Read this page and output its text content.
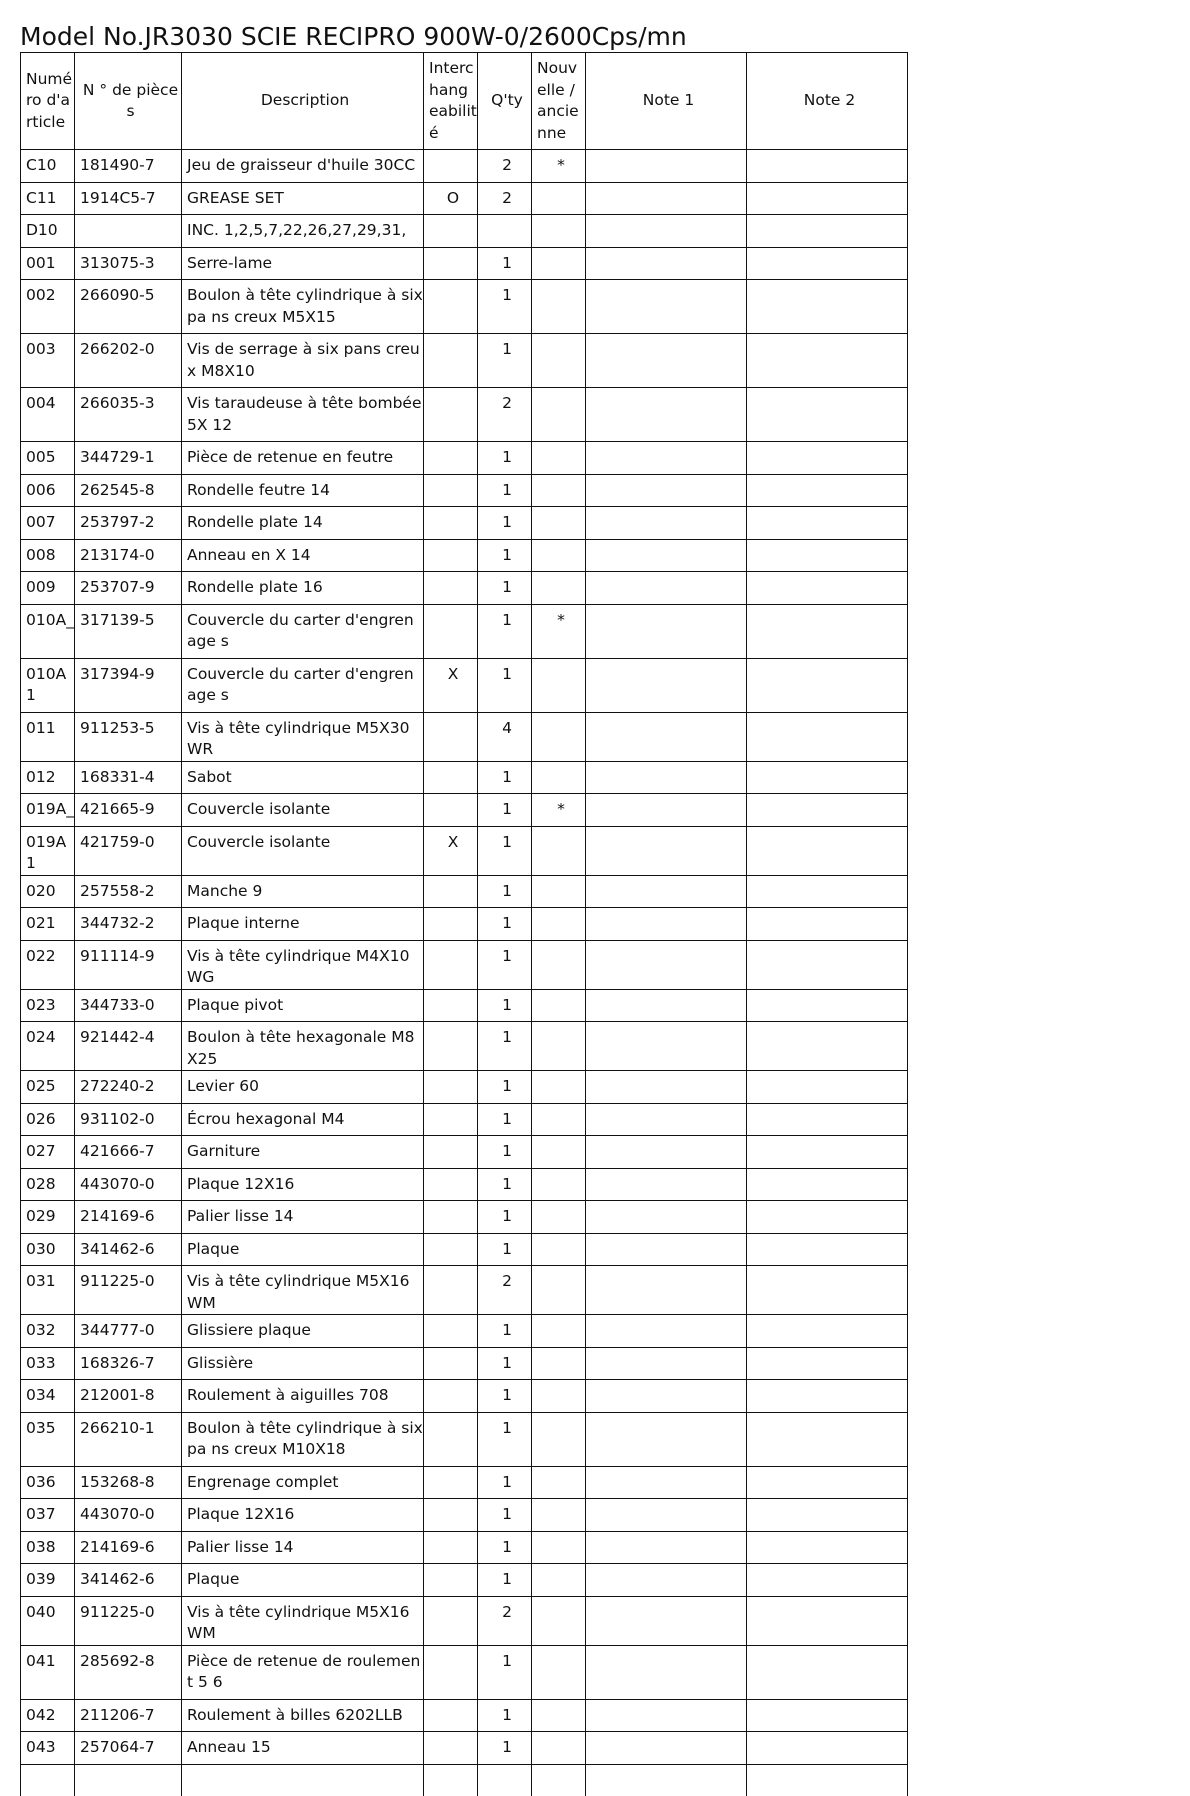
Model No.JR3030 SCIE RECIPRO 900W-0/2600Cps/mn
Numé ro d'a rticle	N ° de pièces	Description	Interc hang eabilit é	Q'ty	Nouv elle / ancie nne	Note 1	Note 2
C10	181490-7	Jeu de graisseur d'huile 30CC		2	*		
C11	1914C5-7	GREASE SET	O	2			
D10		INC. 1,2,5,7,22,26,27,29,31,					
001	313075-3	Serre-lame		1			
002	266090-5	Boulon à tête cylindrique à six pa ns creux M5X15		1			
003	266202-0	Vis de serrage à six pans creux M8X10		1			
004	266035-3	Vis taraudeuse à tête bombée 5X 12		2			
005	344729-1	Pièce de retenue en feutre		1			
006	262545-8	Rondelle feutre 14		1			
007	253797-2	Rondelle plate 14		1			
008	213174-0	Anneau en X 14		1			
009	253707-9	Rondelle plate 16		1			
010A_	317139-5	Couvercle du carter d'engrenage s		1	*		
010A1	317394-9	Couvercle du carter d'engrenage s	X	1			
011	911253-5	Vis à tête cylindrique M5X30 WR		4			
012	168331-4	Sabot		1			
019A_	421665-9	Couvercle isolante		1	*		
019A1	421759-0	Couvercle isolante	X	1			
020	257558-2	Manche 9		1			
021	344732-2	Plaque interne		1			
022	911114-9	Vis à tête cylindrique M4X10 WG		1			
023	344733-0	Plaque pivot		1			
024	921442-4	Boulon à tête hexagonale M8X25		1			
025	272240-2	Levier 60		1			
026	931102-0	Écrou hexagonal M4		1			
027	421666-7	Garniture		1			
028	443070-0	Plaque 12X16		1			
029	214169-6	Palier lisse 14		1			
030	341462-6	Plaque		1			
031	911225-0	Vis à tête cylindrique M5X16 WM		2			
032	344777-0	Glissiere plaque		1			
033	168326-7	Glissière		1			
034	212001-8	Roulement à aiguilles 708		1			
035	266210-1	Boulon à tête cylindrique à six pa ns creux M10X18		1			
036	153268-8	Engrenage complet		1			
037	443070-0	Plaque 12X16		1			
038	214169-6	Palier lisse 14		1			
039	341462-6	Plaque		1			
040	911225-0	Vis à tête cylindrique M5X16 WM		2			
041	285692-8	Pièce de retenue de roulement 5 6		1			
042	211206-7	Roulement à billes 6202LLB		1			
043	257064-7	Anneau 15		1			
